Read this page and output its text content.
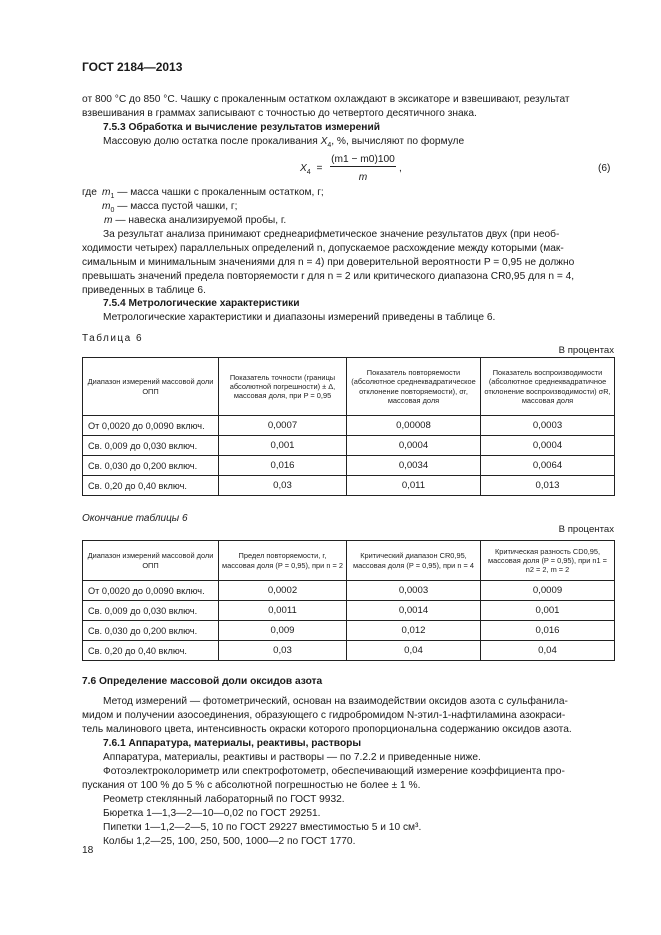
ГОСТ 2184—2013
от 800 °С до 850 °С. Чашку с прокаленным остатком охлаждают в эксикаторе и взвешивают, результат
взвешивания в граммах записывают с точностью до четвертого десятичного знака.
7.5.3 Обработка и вычисление результатов измерений
Массовую долю остатка после прокаливания $X_4$, %, вычисляют по формуле
$X_4$ =
(m1 − m0)100
m
,	(6)
где $m_1$ — масса чашки с прокаленным остатком, г;
$m_0$ — масса пустой чашки, г;
m — навеска анализируемой пробы, г.
За результат анализа принимают среднеарифметическое значение результатов двух (при необ-
ходимости четырех) параллельных определений n, допускаемое расхождение между которыми (мак-
симальным и минимальным значениями для n = 4) при доверительной вероятности P = 0,95 не должно
превышать значений предела повторяемости r для n = 2 или критического диапазона CR0,95 для n = 4,
приведенных в таблице 6.
7.5.4 Метрологические характеристики
Метрологические характеристики и диапазоны измерений приведены в таблице 6.
Таблица 6
В процентах
Диапазон измерений массовой доли ОПП	Показатель точности (границы абсолютной погрешности) ± Δ, массовая доля, при P = 0,95	Показатель повторяемости (абсолютное среднеквадратическое отклонение повторяемости), σr, массовая доля	Показатель воспроизводимости (абсолютное среднеквадратичное отклонение воспроизводимости) σR, массовая доля
От 0,0020 до 0,0090 включ.	0,0007	0,00008	0,0003
Св. 0,009 до 0,030 включ.	0,001	0,0004	0,0004
Св. 0,030 до 0,200 включ.	0,016	0,0034	0,0064
Св. 0,20 до 0,40 включ.	0,03	0,011	0,013
Окончание таблицы 6
В процентах
Диапазон измерений массовой доли ОПП	Предел повторяемости, r, массовая доля (P = 0,95), при n = 2	Критический диапазон CR0,95, массовая доля (P = 0,95), при n = 4	Критическая разность CD0,95, массовая доля (P = 0,95), при n1 = n2 = 2, m = 2
От 0,0020 до 0,0090 включ.	0,0002	0,0003	0,0009
Св. 0,009 до 0,030 включ.	0,0011	0,0014	0,001
Св. 0,030 до 0,200 включ.	0,009	0,012	0,016
Св. 0,20 до 0,40 включ.	0,03	0,04	0,04
7.6 Определение массовой доли оксидов азота
Метод измерений — фотометрический, основан на взаимодействии оксидов азота с сульфанила-
мидом и получении азосоединения, образующего с гидробромидом N-этил-1-нафтиламина азокраси-
тель малинового цвета, интенсивность окраски которого пропорциональна содержанию оксидов азота.
7.6.1 Аппаратура, материалы, реактивы, растворы
Аппаратура, материалы, реактивы и растворы — по 7.2.2 и приведенные ниже.
Фотоэлектроколориметр или спектрофотометр, обеспечивающий измерение коэффициента про-
пускания от 100 % до 5 % с абсолютной погрешностью не более ± 1 %.
Реометр стеклянный лабораторный по ГОСТ 9932.
Бюретка 1—1,3—2—10—0,02 по ГОСТ 29251.
Пипетки 1—1,2—2—5, 10 по ГОСТ 29227 вместимостью 5 и 10 см³.
Колбы 1,2—25, 100, 250, 500, 1000—2 по ГОСТ 1770.
18
